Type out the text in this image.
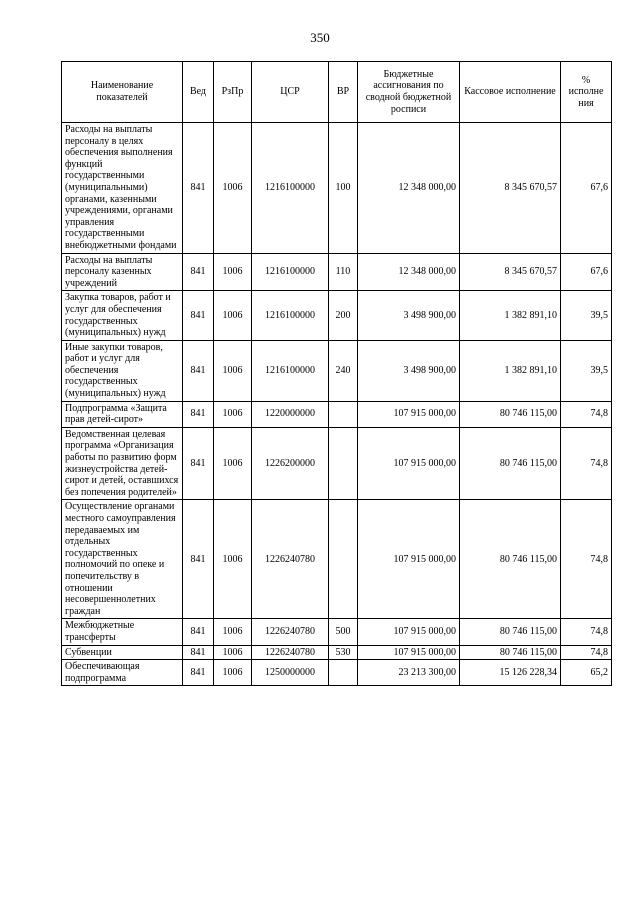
350
Наименование показателей	Вед	РзПр	ЦСР	ВР	Бюджетные ассигнования по сводной бюджетной росписи	Кассовое исполнение	% исполне ния
Расходы на выплаты персоналу в целях обеспечения выполнения функций государственными (муниципальными) органами, казенными учреждениями, органами управления государственными внебюджетными фондами	841	1006	1216100000	100	12 348 000,00	8 345 670,57	67,6
Расходы на выплаты персоналу казенных учреждений	841	1006	1216100000	110	12 348 000,00	8 345 670,57	67,6
Закупка товаров, работ и услуг для обеспечения государственных (муниципальных) нужд	841	1006	1216100000	200	3 498 900,00	1 382 891,10	39,5
Иные закупки товаров, работ и услуг для обеспечения государственных (муниципальных) нужд	841	1006	1216100000	240	3 498 900,00	1 382 891,10	39,5
Подпрограмма «Защита прав детей-сирот»	841	1006	1220000000		107 915 000,00	80 746 115,00	74,8
Ведомственная целевая программа «Организация работы по развитию форм жизнеустройства детей-сирот и детей, оставшихся без попечения родителей»	841	1006	1226200000		107 915 000,00	80 746 115,00	74,8
Осуществление органами местного самоуправления передаваемых им отдельных государственных полномочий по опеке и попечительству в отношении несовершеннолетних граждан	841	1006	1226240780		107 915 000,00	80 746 115,00	74,8
Межбюджетные трансферты	841	1006	1226240780	500	107 915 000,00	80 746 115,00	74,8
Субвенции	841	1006	1226240780	530	107 915 000,00	80 746 115,00	74,8
Обеспечивающая подпрограмма	841	1006	1250000000		23 213 300,00	15 126 228,34	65,2
